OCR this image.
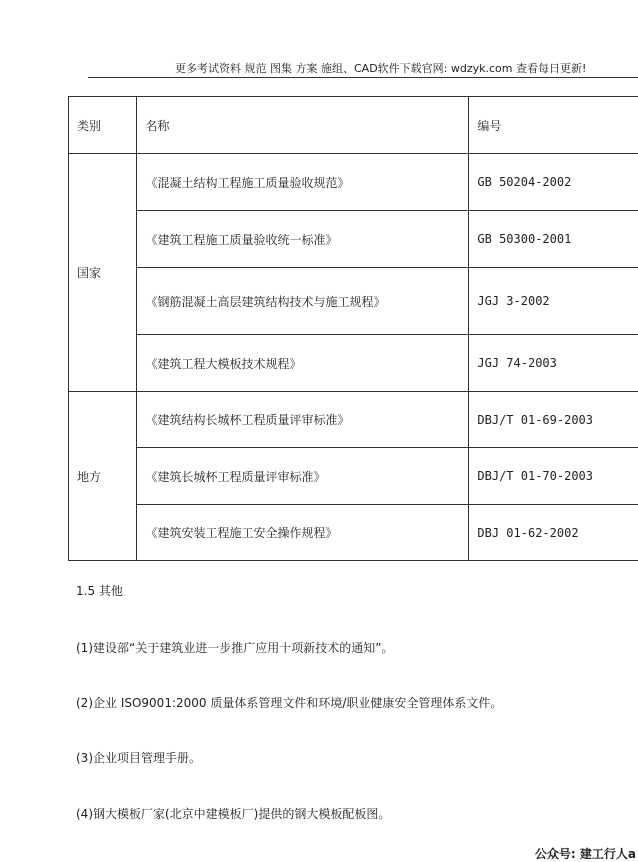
更多考试资料 规范 图集 方案 施组、CAD软件下载官网: wdzyk.com 查看每日更新!
类别	名称	编号
国家	《混凝土结构工程施工质量验收规范》	GB 50204-2002
	《建筑工程施工质量验收统一标准》	GB 50300-2001
	《钢筋混凝土高层建筑结构技术与施工规程》	JGJ 3-2002
	《建筑工程大模板技术规程》	JGJ 74-2003
地方	《建筑结构长城杯工程质量评审标准》	DBJ/T 01-69-2003
	《建筑长城杯工程质量评审标准》	DBJ/T 01-70-2003
	《建筑安装工程施工安全操作规程》	DBJ 01-62-2002
1.5 其他
(1)建设部“关于建筑业进一步推广应用十项新技术的通知”。
(2)企业 ISO9001:2000 质量体系管理文件和环境/职业健康安全管理体系文件。
(3)企业项目管理手册。
(4)钢大模板厂家(北京中建模板厂)提供的钢大模板配板图。
公众号: 建工行人a
